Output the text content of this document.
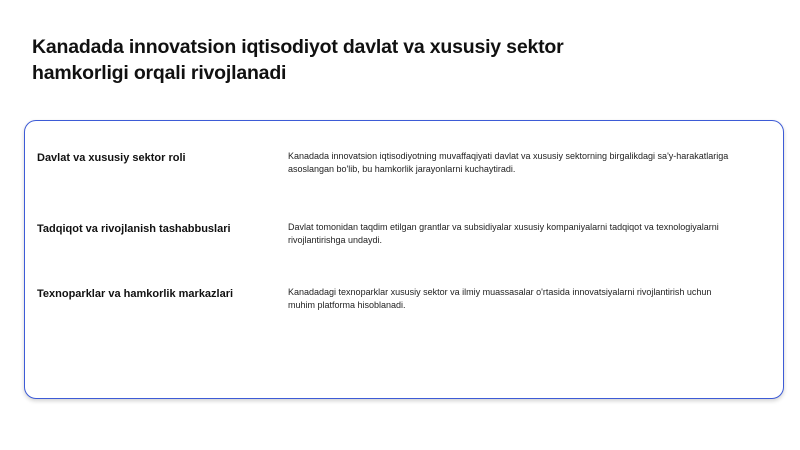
Kanadada innovatsion iqtisodiyot davlat va xususiy sektor hamkorligi orqali rivojlanadi
Davlat va xususiy sektor roli	Kanadada innovatsion iqtisodiyotning muvaffaqiyati davlat va xususiy sektorning birgalikdagi sa'y-harakatlariga asoslangan bo'lib, bu hamkorlik jarayonlarni kuchaytiradi.

Tadqiqot va rivojlanish tashabbuslari	Davlat tomonidan taqdim etilgan grantlar va subsidiyalar xususiy kompaniyalarni tadqiqot va texnologiyalarni rivojlantirishga undaydi.

Texnoparklar va hamkorlik markazlari	Kanadadagi texnoparklar xususiy sektor va ilmiy muassasalar o'rtasida innovatsiyalarni rivojlantirish uchun muhim platforma hisoblanadi.
